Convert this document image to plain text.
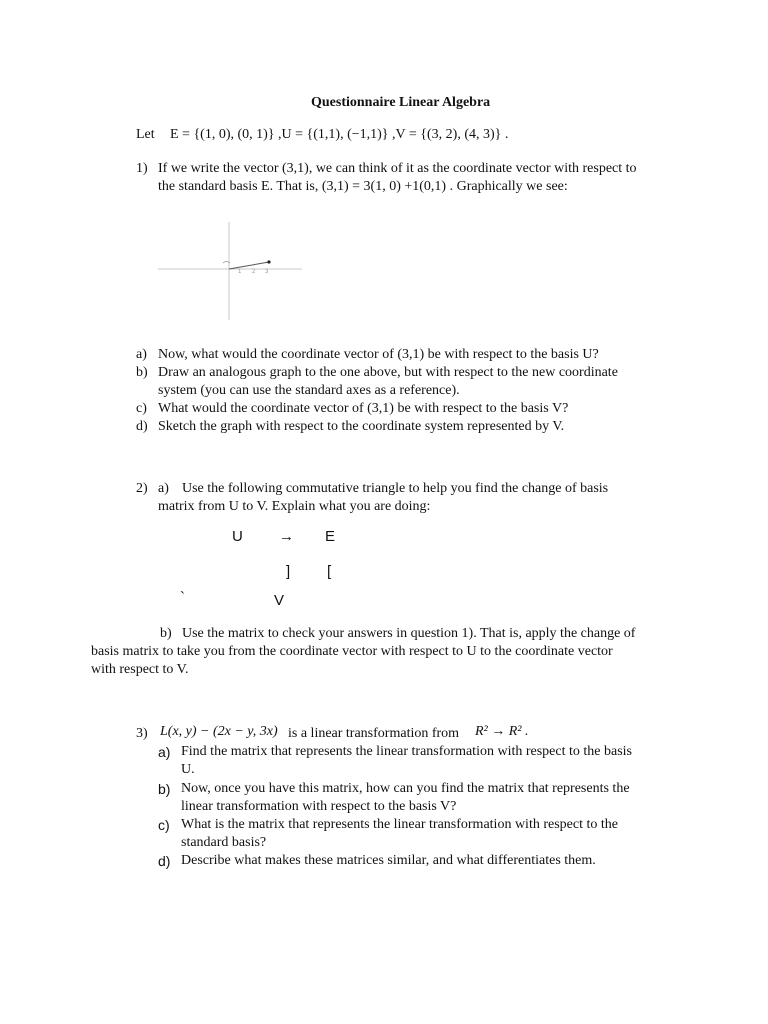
Questionnaire Linear Algebra
Let E = {(1, 0), (0, 1)} ,U = {(1,1), (−1,1)} ,V = {(3, 2), (4, 3)} .
1) If we write the vector (3,1), we can think of it as the coordinate vector with respect to
the standard basis E. That is, (3,1) = 3(1, 0) +1(0,1) . Graphically we see:
1 2 3
a) Now, what would the coordinate vector of (3,1) be with respect to the basis U?
b) Draw an analogous graph to the one above, but with respect to the new coordinate
system (you can use the standard axes as a reference).
c) What would the coordinate vector of (3,1) be with respect to the basis V?
d) Sketch the graph with respect to the coordinate system represented by V.
2) a) Use the following commutative triangle to help you find the change of basis
matrix from U to V. Explain what you are doing:
U → E
] [
`	V
b) Use the matrix to check your answers in question 1). That is, apply the change of
basis matrix to take you from the coordinate vector with respect to U to the coordinate vector
with respect to V.
3) L(x, y) − (2x − y, 3x) is a linear transformation from R² → R² .
a) Find the matrix that represents the linear transformation with respect to the basis
U.
b) Now, once you have this matrix, how can you find the matrix that represents the
linear transformation with respect to the basis V?
c) What is the matrix that represents the linear transformation with respect to the
standard basis?
d) Describe what makes these matrices similar, and what differentiates them.
